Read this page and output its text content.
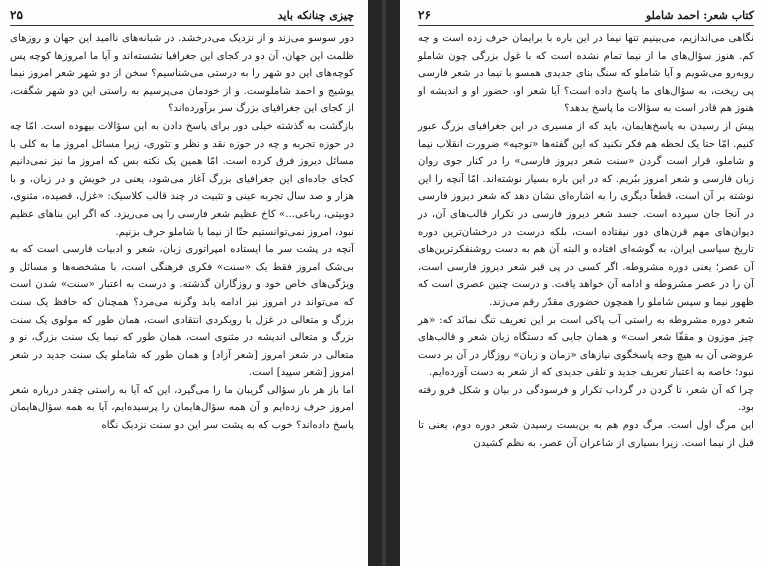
چیزی چنانکه باید
۲۵

دور سوسو می‌زند و از نزدیک می‌درخشد. در شبانه‌های ناامید این جهان و روزهای ظلمت این جهان، آن دو در کجای این جغرافیا نشسته‌اند و آیا ما امروزها کوچه پس کوچه‌های این دو شهر را به درستی می‌شناسیم؟ سخن از دو شهر شعر امروز نیما یوشیج و احمد شاملوست. و از خودمان می‌پرسیم به راستی این دو شهر شگفت، از کجای این جغرافیای بزرگ سر برآورده‌اند؟

بازگشت به گذشته‌ خیلی دور برای پاسخ دادن به این سؤالات بیهوده است. امّا چه در حوزه‌ تجربه و چه در حوزه‌ نقد و نظر و تئوری، زیرا مسائل امروز ما به کلی با مسائل دیروز فرق کرده است. امّا همین یک نکته بس که امروز ما نیز نمی‌دانیم کجای جاده‌ای این جغرافیای بزرگ آغاز می‌شود، یعنی در خویش و در زبان، و با هزار و صد سال تجربه‌ عینی و تثبیت در چند قالب کلاسیک: «غزل، قصیده، مثنوی، دوبیتی، رباعی...» کاخ عظیم شعر فارسی را پی می‌ریزد. که اگر این بناهای عظیم نبود، امروز نمی‌توانستیم حتّا از نیما یا شاملو حرف بزنیم.

آنچه در پشت سر ما ایستاده امپراتوری زبان، شعر و ادبیات فارسی است که به بی‌شک امروز فقط یک «سنت» فکری فرهنگی است، با مشخصه‌ها و مسائل و ویژگی‌های خاص خود و روزگاران گذشته. و درست به اعتبار «سنت» شدن است که می‌تواند در امروز نیز ادامه یابد وگرنه می‌مرد؟ همچنان که حافظ یک سنت بزرگ و متعالی در غزل با رویکردی انتقادی است، همان طور که مولوی یک سنت بزرگ و متعالی اندیشه در مثنوی است، همان طور که نیما یک سنت بزرگ، نو و متعالی در شعر امروز [شعر آزاد] و همان طور که شاملو یک سنت جدید در شعر امروز [شعر سپید] است.

اما باز هر بار سؤالی گریبان ما را می‌گیرد، این که آیا به راستی چقدر درباره‌ شعر امروز حرف زده‌ایم و آن همه سؤال‌هایمان را پرسیده‌ایم، آیا به همه‌ سؤال‌هایمان پاسخ داده‌اند؟ خوب که به پشت سر این دو سنت نزدیک نگاه

کتاب شعر: احمد شاملو
۲۶

نگاهی می‌اندازیم، می‌بینیم تنها نیما در این باره با برایمان حرف زده است و چه کم. هنوز سؤال‌های ما از نیما تمام نشده است که با غول بزرگی چون شاملو روبه‌رو می‌شویم و آیا شاملو که سنگ بنای جدیدی همسو با نیما در شعر فارسی پی ریخت، به سؤال‌های ما پاسخ داده است؟ آیا شعر او، حضور او و اندیشه‌ او هنوز هم قادر است به سؤالات ما پاسخ بدهد؟

پیش از رسیدن به پاسخ‌هایمان، باید که از مسیری در این جغرافیای بزرگ عبور کنیم. امّا حتا یک لحظه هم فکر نکنید که این گفته‌ها «توجیه» ضرورت انقلاب نیما و شاملو، قرار است گردن «سنت شعر دیروز فارسی» را در کنار جوی روان زبان فارسی و شعر امروز ببُریم. که در این باره بسیار نوشته‌اند. امّا آنچه را این نوشته بر آن است، قطعاً دیگری را به اشاره‌ای نشان دهد که شعر دیروز فارسی در آنجا جان سپرده است. جسد شعر دیروز فارسی در تکرار قالب‌های آن، در دیوان‌های مهم قرن‌های دور نیفتاده است، بلکه درست در درخشان‌ترین دوره تاریخ سیاسی ایران، به گوشه‌ای افتاده و البته آن هم به دست روشنفکرترین‌های آن عصر؛ یعنی دوره‌ مشروطه. اگر کسی در پی قبر شعر دیروز فارسی است، آن را در عصر مشروطه و ادامه‌ آن خواهد یافت. و درست چنین عصری است که ظهور نیما و سپس شاملو را همچون حضوری مقدّر رقم می‌زند.

شعر دوره مشروطه به راستی آب پاکی است بر این تعریف تنگ نمانَد که: «هر چیز موزون و مقفّا شعر است» و همان جایی که دستگاه زبان شعر و قالب‌های عروضی آن به هیچ وجه پاسخگوی نیازهای «زمان و زبان» روزگار در آن بر دست نبود؛ خاصه به اعتبار تعریف جدید و تلقی جدیدی که از شعر به دست آورده‌ایم.

چرا که آن شعر، تا گردن در گرداب تکرار و فرسودگی در بیان و شکل فرو رفته بود.

این مرگ اول است. مرگ دوم هم به بن‌بست رسیدن شعر دوره‌ دوم، یعنی تا قبل از نیما است. زیرا بسیاری از شاعران آن عصر، به نظم کشیدن
